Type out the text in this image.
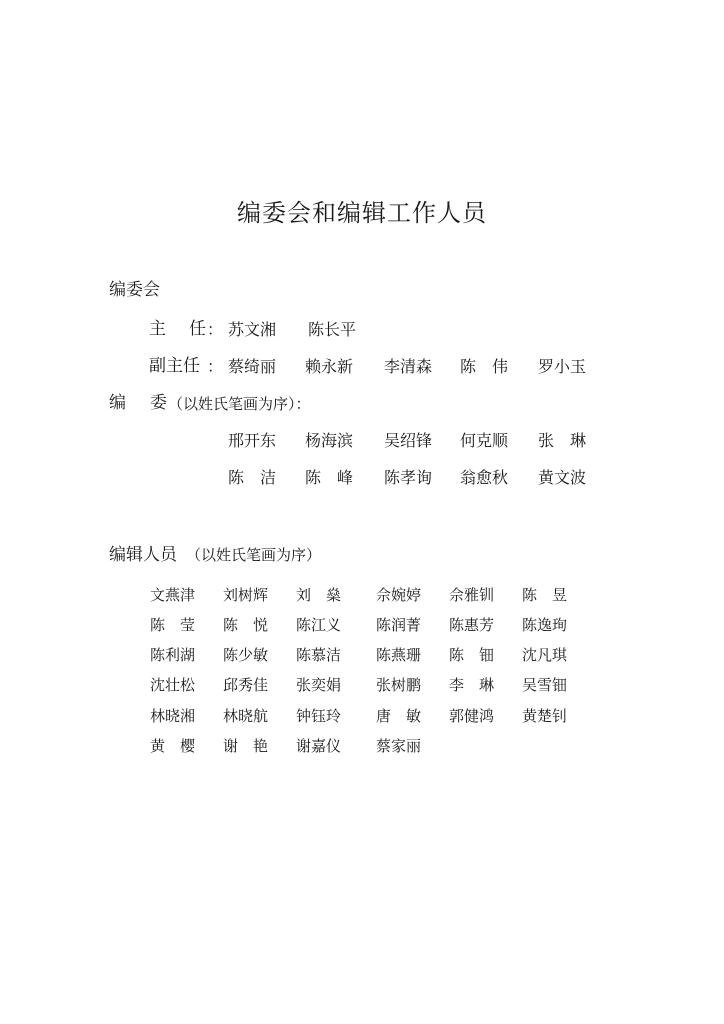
编委会和编辑工作人员
编委会
主 任 ： 苏文湘 陈长平
副主任 ： 蔡绮丽 赖永新 李清森 陈　伟 罗小玉
编 委 （以姓氏笔画为序）：
邢开东 杨海滨 吴绍锋 何克顺 张　琳
陈　洁 陈　峰 陈孝询 翁愈秋 黄文波
编辑人员 （以姓氏笔画为序）
文燕津 刘树辉 刘　燊 佘婉婷 佘雅钏 陈　昱
陈　莹 陈　悦 陈江义 陈润菁 陈惠芳 陈逸珣
陈利湖 陈少敏 陈慕洁 陈燕珊 陈　钿 沈凡琪
沈壮松 邱秀佳 张奕娟 张树鹏 李　琳 吴雪钿
林晓湘 林晓航 钟钰玲 唐　敏 郭健鸿 黄楚钊
黄　樱 谢　艳 谢嘉仪 蔡家丽
